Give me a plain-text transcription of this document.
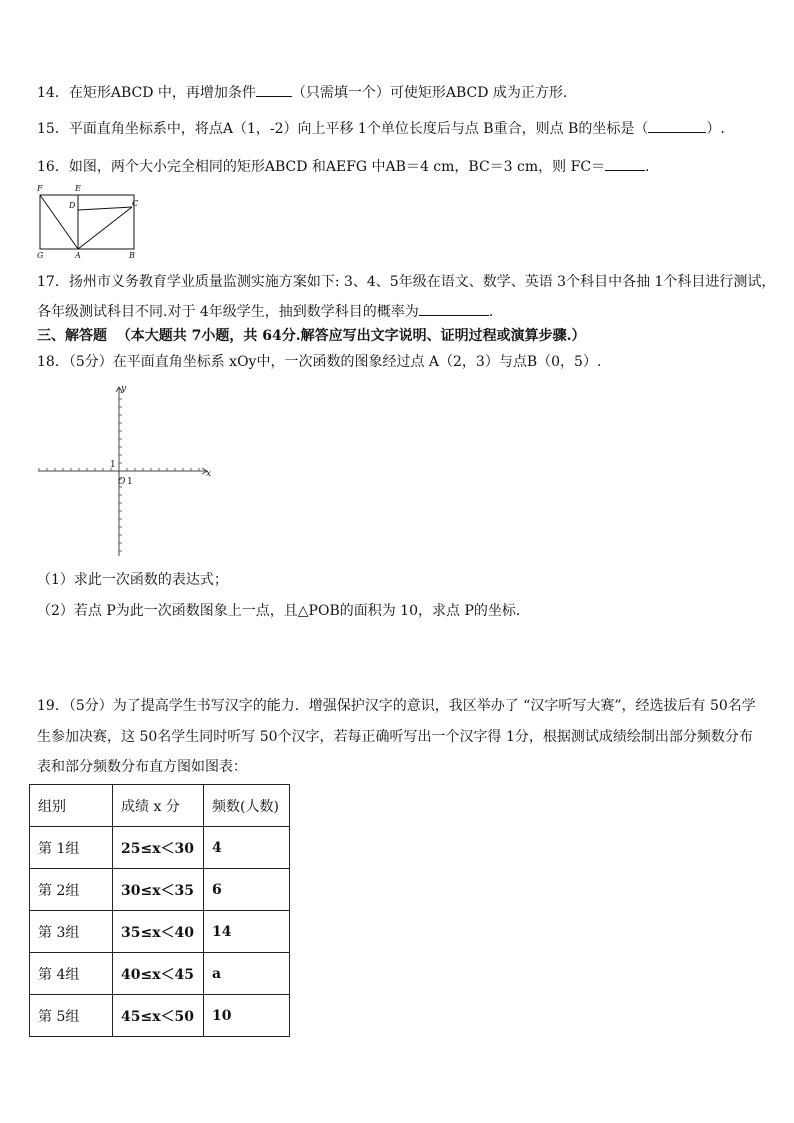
14．在矩形ABCD 中，再增加条件	（只需填一个）可使矩形ABCD 成为正方形．
15．平面直角坐标系中，将点A（1，-2）向上平移 1个单位长度后与点 B重合，则点 B的坐标是（	）.
16．如图，两个大小完全相同的矩形ABCD 和AEFG 中AB＝4 cm，BC＝3 cm，则 FC＝	.
F	E
D	C
G	A	B
17．扬州市义务教育学业质量监测实施方案如下: 3、4、5年级在语文、数学、英语 3个科目中各抽 1个科目进行测试，
各年级测试科目不同.对于 4年级学生，抽到数学科目的概率为	.
三、解答题 （本大题共 7小题，共 64分.解答应写出文字说明、证明过程或演算步骤.）
18．（5分）在平面直角坐标系 xOy中，一次函数的图象经过点 A（2，3）与点B（0，5）.
x
y
O 1
1
（1）求此一次函数的表达式；
（2）若点 P为此一次函数图象上一点，且△POB的面积为 10，求点 P的坐标．
19．（5分）为了提高学生书写汉字的能力．增强保护汉字的意识，我区举办了 “汉字听写大赛”，经选拔后有 50名学
生参加决赛，这 50名学生同时听写 50个汉字，若每正确听写出一个汉字得 1分，根据测试成绩绘制出部分频数分布
表和部分频数分布直方图如图表：
组别	成绩 x 分	频数(人数)
第 1组	25≤x＜30	4
第 2组	30≤x＜35	6
第 3组	35≤x＜40	14
第 4组	40≤x＜45	a
第 5组	45≤x＜50	10
